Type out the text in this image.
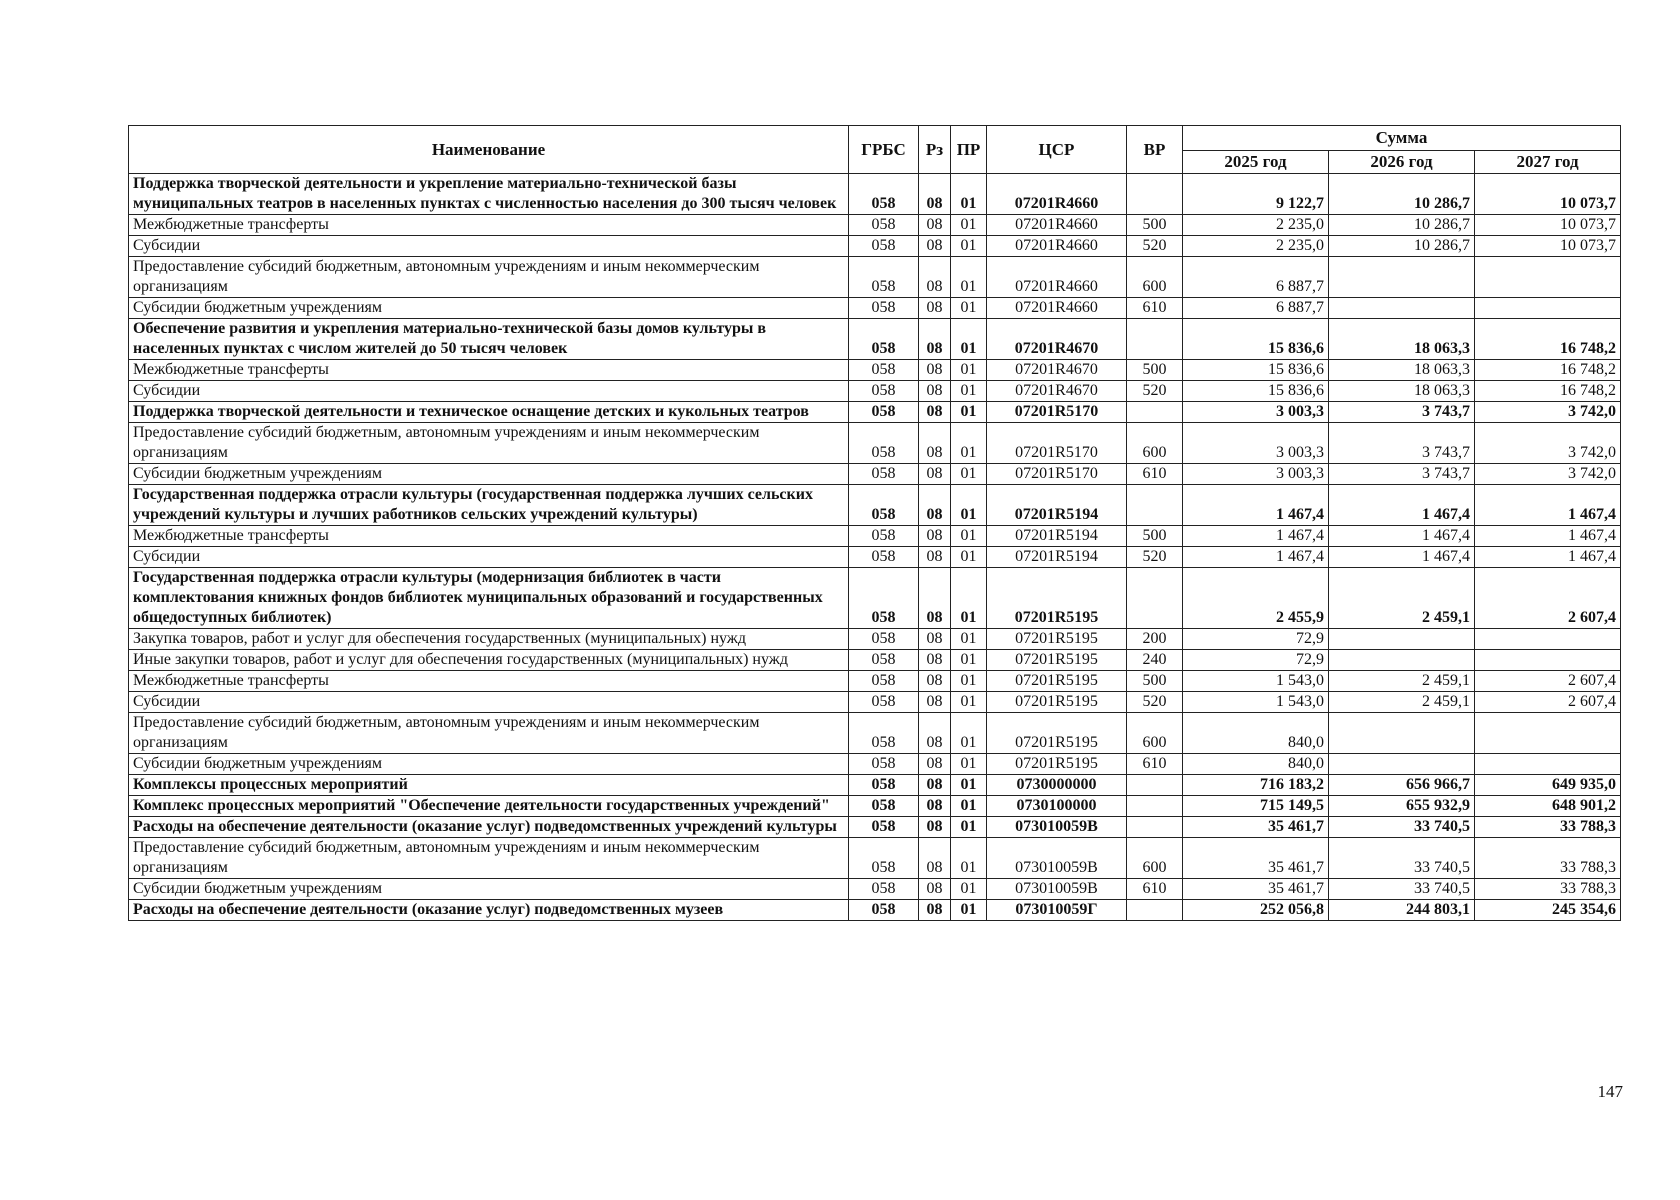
Наименование	ГРБС	Рз	ПР	ЦСР	ВР	Сумма		
						2025 год	2026 год	2027 год
Поддержка творческой деятельности и укрепление материально-технической базы муниципальных театров в населенных пунктах с численностью населения до 300 тысяч человек	058	08	01	07201R4660		9 122,7	10 286,7	10 073,7
Межбюджетные трансферты	058	08	01	07201R4660	500	2 235,0	10 286,7	10 073,7
Субсидии	058	08	01	07201R4660	520	2 235,0	10 286,7	10 073,7
Предоставление субсидий бюджетным, автономным учреждениям и иным некоммерческим организациям	058	08	01	07201R4660	600	6 887,7		
Субсидии бюджетным учреждениям	058	08	01	07201R4660	610	6 887,7		
Обеспечение развития и укрепления материально-технической базы домов культуры в населенных пунктах с числом жителей до 50 тысяч человек	058	08	01	07201R4670		15 836,6	18 063,3	16 748,2
Межбюджетные трансферты	058	08	01	07201R4670	500	15 836,6	18 063,3	16 748,2
Субсидии	058	08	01	07201R4670	520	15 836,6	18 063,3	16 748,2
Поддержка творческой деятельности и техническое оснащение детских и кукольных театров	058	08	01	07201R5170		3 003,3	3 743,7	3 742,0
Предоставление субсидий бюджетным, автономным учреждениям и иным некоммерческим организациям	058	08	01	07201R5170	600	3 003,3	3 743,7	3 742,0
Субсидии бюджетным учреждениям	058	08	01	07201R5170	610	3 003,3	3 743,7	3 742,0
Государственная поддержка отрасли культуры (государственная поддержка лучших сельских учреждений культуры и лучших работников сельских учреждений культуры)	058	08	01	07201R5194		1 467,4	1 467,4	1 467,4
Межбюджетные трансферты	058	08	01	07201R5194	500	1 467,4	1 467,4	1 467,4
Субсидии	058	08	01	07201R5194	520	1 467,4	1 467,4	1 467,4
Государственная поддержка отрасли культуры (модернизация библиотек в части комплектования книжных фондов библиотек муниципальных образований и государственных общедоступных библиотек)	058	08	01	07201R5195		2 455,9	2 459,1	2 607,4
Закупка товаров, работ и услуг для обеспечения государственных (муниципальных) нужд	058	08	01	07201R5195	200	72,9		
Иные закупки товаров, работ и услуг для обеспечения государственных (муниципальных) нужд	058	08	01	07201R5195	240	72,9		
Межбюджетные трансферты	058	08	01	07201R5195	500	1 543,0	2 459,1	2 607,4
Субсидии	058	08	01	07201R5195	520	1 543,0	2 459,1	2 607,4
Предоставление субсидий бюджетным, автономным учреждениям и иным некоммерческим организациям	058	08	01	07201R5195	600	840,0		
Субсидии бюджетным учреждениям	058	08	01	07201R5195	610	840,0		
Комплексы процессных мероприятий	058	08	01	0730000000		716 183,2	656 966,7	649 935,0
Комплекс процессных мероприятий "Обеспечение деятельности государственных учреждений"	058	08	01	0730100000		715 149,5	655 932,9	648 901,2
Расходы на обеспечение деятельности (оказание услуг) подведомственных учреждений культуры	058	08	01	073010059В		35 461,7	33 740,5	33 788,3
Предоставление субсидий бюджетным, автономным учреждениям и иным некоммерческим организациям	058	08	01	073010059В	600	35 461,7	33 740,5	33 788,3
Субсидии бюджетным учреждениям	058	08	01	073010059В	610	35 461,7	33 740,5	33 788,3
Расходы на обеспечение деятельности (оказание услуг) подведомственных музеев	058	08	01	073010059Г		252 056,8	244 803,1	245 354,6
147
